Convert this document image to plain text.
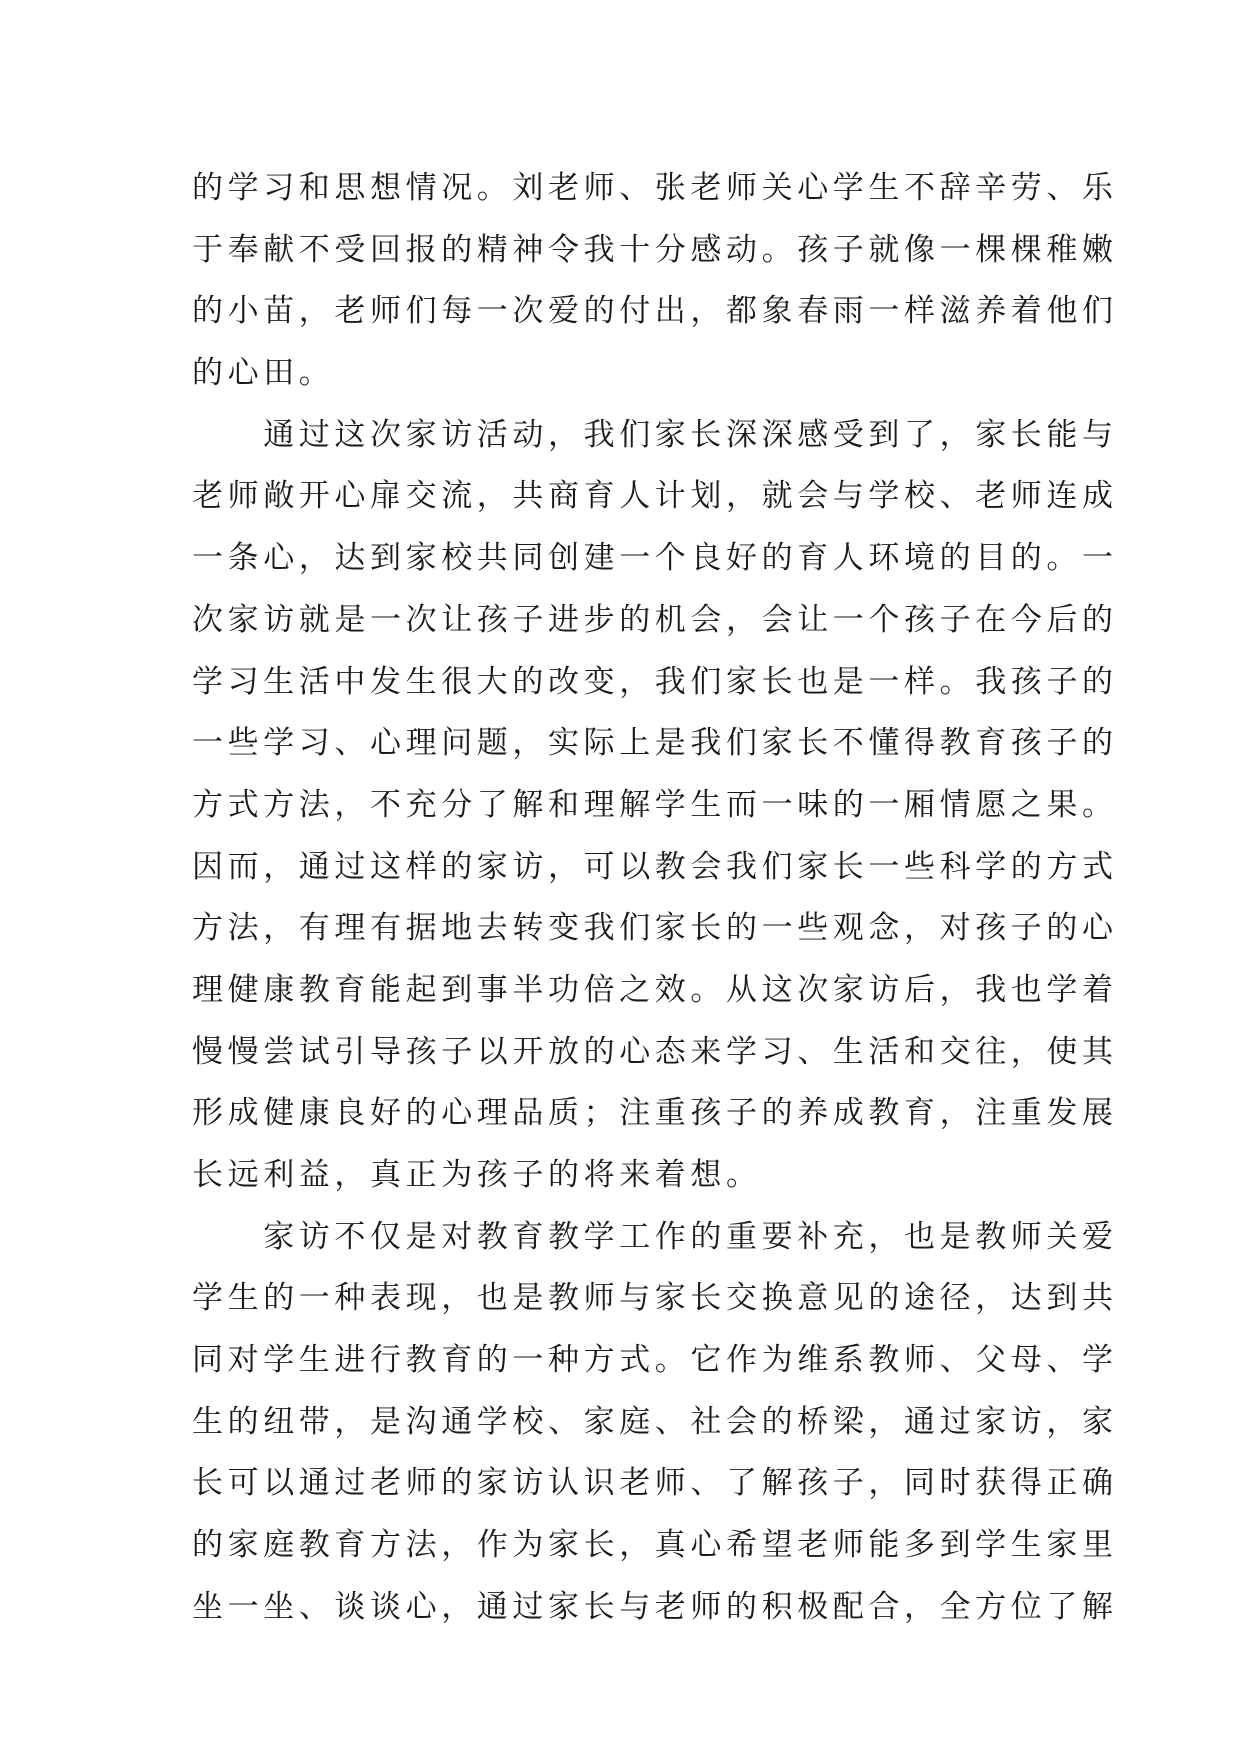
的学习和思想情况。刘老师、张老师关心学生不辞辛劳、乐
于奉献不受回报的精神令我十分感动。孩子就像一棵棵稚嫩
的小苗，老师们每一次爱的付出，都象春雨一样滋养着他们
的心田。
　　通过这次家访活动，我们家长深深感受到了，家长能与
老师敞开心扉交流，共商育人计划，就会与学校、老师连成
一条心，达到家校共同创建一个良好的育人环境的目的。一
次家访就是一次让孩子进步的机会，会让一个孩子在今后的
学习生活中发生很大的改变，我们家长也是一样。我孩子的
一些学习、心理问题，实际上是我们家长不懂得教育孩子的
方式方法，不充分了解和理解学生而一味的一厢情愿之果。
因而，通过这样的家访，可以教会我们家长一些科学的方式
方法，有理有据地去转变我们家长的一些观念，对孩子的心
理健康教育能起到事半功倍之效。从这次家访后，我也学着
慢慢尝试引导孩子以开放的心态来学习、生活和交往，使其
形成健康良好的心理品质；注重孩子的养成教育，注重发展
长远利益，真正为孩子的将来着想。
　　家访不仅是对教育教学工作的重要补充，也是教师关爱
学生的一种表现，也是教师与家长交换意见的途径，达到共
同对学生进行教育的一种方式。它作为维系教师、父母、学
生的纽带，是沟通学校、家庭、社会的桥梁，通过家访，家
长可以通过老师的家访认识老师、了解孩子，同时获得正确
的家庭教育方法，作为家长，真心希望老师能多到学生家里
坐一坐、谈谈心，通过家长与老师的积极配合，全方位了解
